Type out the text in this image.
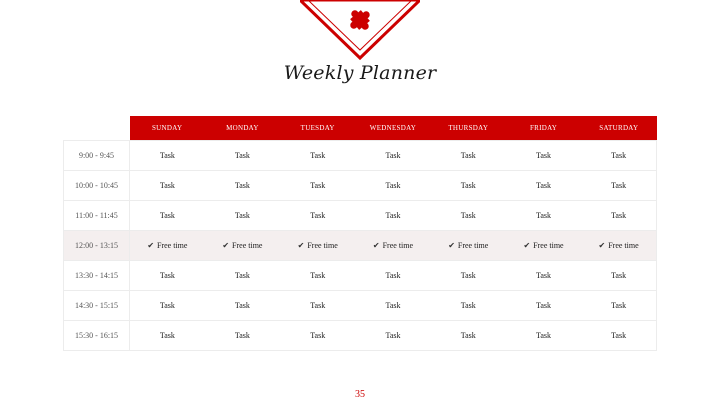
Weekly Planner
	SUNDAY	MONDAY	TUESDAY	WEDNESDAY	THURSDAY	FRIDAY	SATURDAY
9:00 - 9:45	Task	Task	Task	Task	Task	Task	Task
10:00 - 10:45	Task	Task	Task	Task	Task	Task	Task
11:00 - 11:45	Task	Task	Task	Task	Task	Task	Task
12:00 - 13:15	✔ Free time	✔ Free time	✔ Free time	✔ Free time	✔ Free time	✔ Free time	✔ Free time
13:30 - 14:15	Task	Task	Task	Task	Task	Task	Task
14:30 - 15:15	Task	Task	Task	Task	Task	Task	Task
15:30 - 16:15	Task	Task	Task	Task	Task	Task	Task
35
